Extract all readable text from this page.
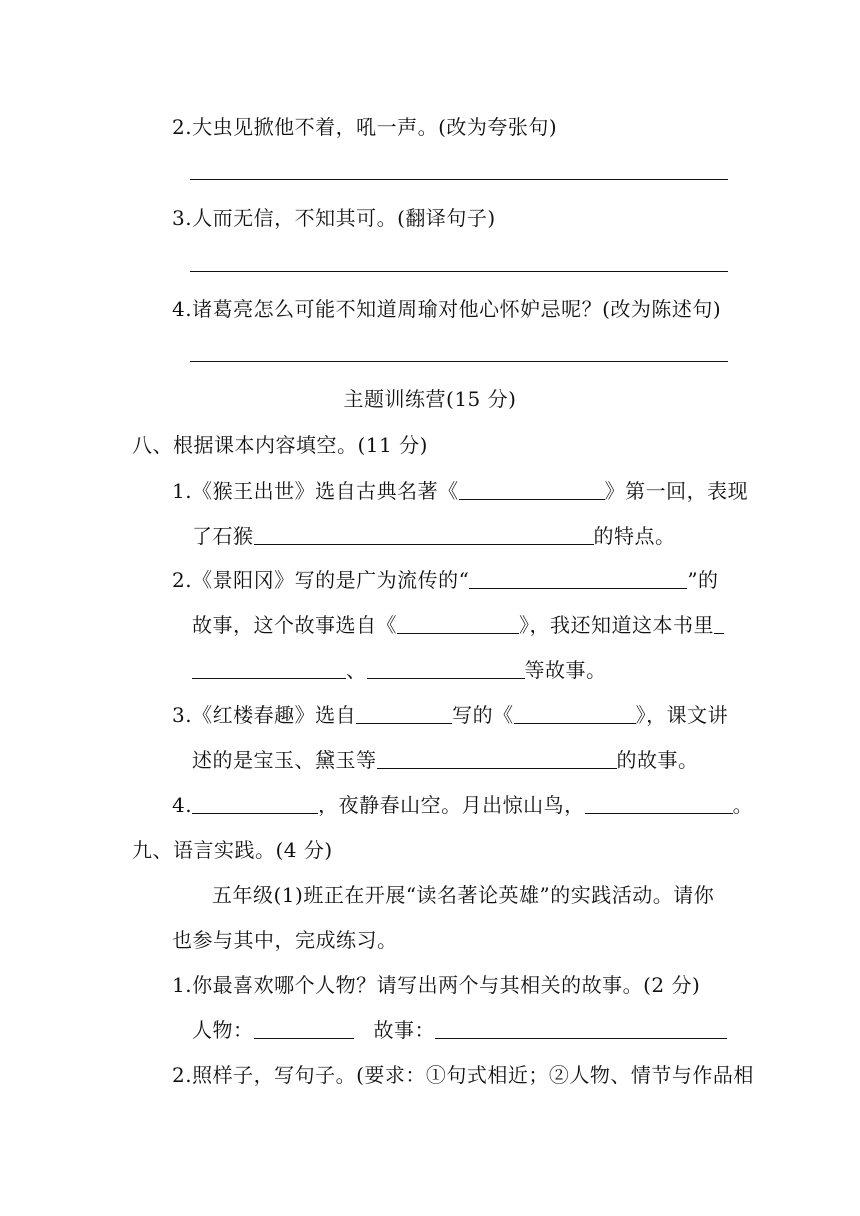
2.大虫见掀他不着，吼一声。(改为夸张句)
3.人而无信，不知其可。(翻译句子)
4.诸葛亮怎么可能不知道周瑜对他心怀妒忌呢？(改为陈述句)
主题训练营(15 分)
八、根据课本内容填空。(11 分)
1.《猴王出世》选自古典名著《	》第一回，表现
了石猴	的特点。
2.《景阳冈》写的是广为流传的“	”的
故事，这个故事选自《	》，我还知道这本书里
、	等故事。
3.《红楼春趣》选自	写的《	》，课文讲
述的是宝玉、黛玉等	的故事。
4.	，夜静春山空。月出惊山鸟，	。
九、语言实践。(4 分)
五年级(1)班正在开展“读名著论英雄”的实践活动。请你
也参与其中，完成练习。
1.你最喜欢哪个人物？请写出两个与其相关的故事。(2 分)
人物：	故事：
2.照样子，写句子。(要求：①句式相近；②人物、情节与作品相
